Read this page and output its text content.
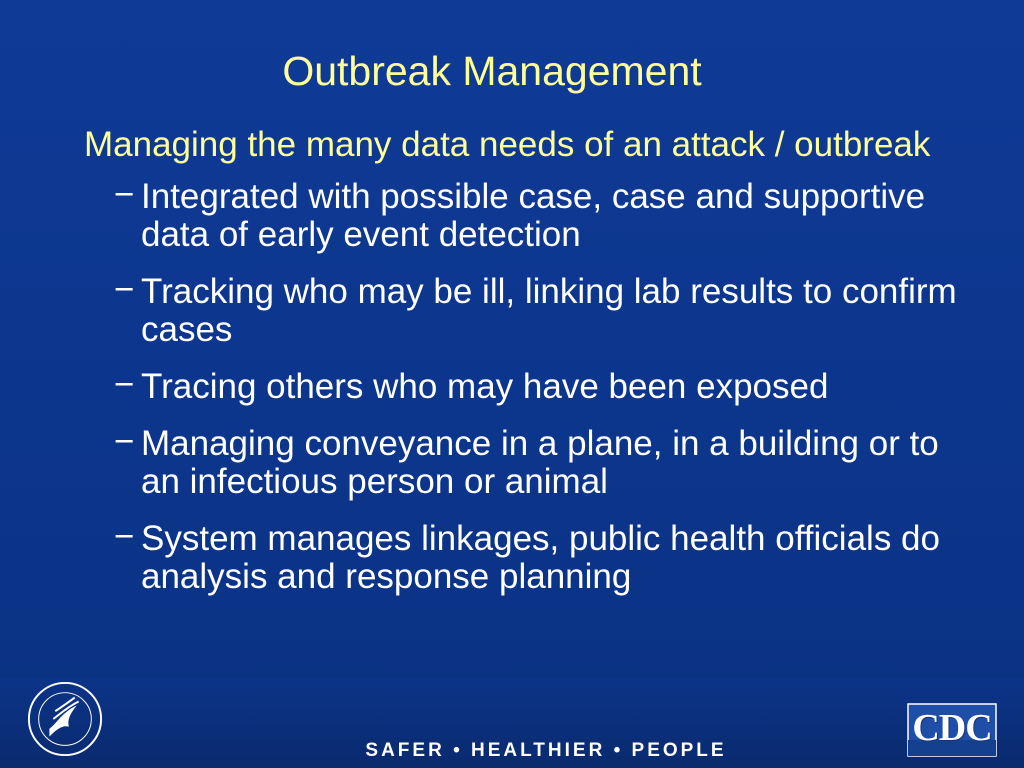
Outbreak Management

Managing the many data needs of an attack / outbreak

− Integrated with possible case, case and supportive data of early event detection
− Tracking who may be ill, linking lab results to confirm cases
− Tracing others who may have been exposed
− Managing conveyance in a plane, in a building or to an infectious person or animal
− System manages linkages, public health officials do analysis and response planning
SAFER • HEALTHIER • PEOPLE
CDC
